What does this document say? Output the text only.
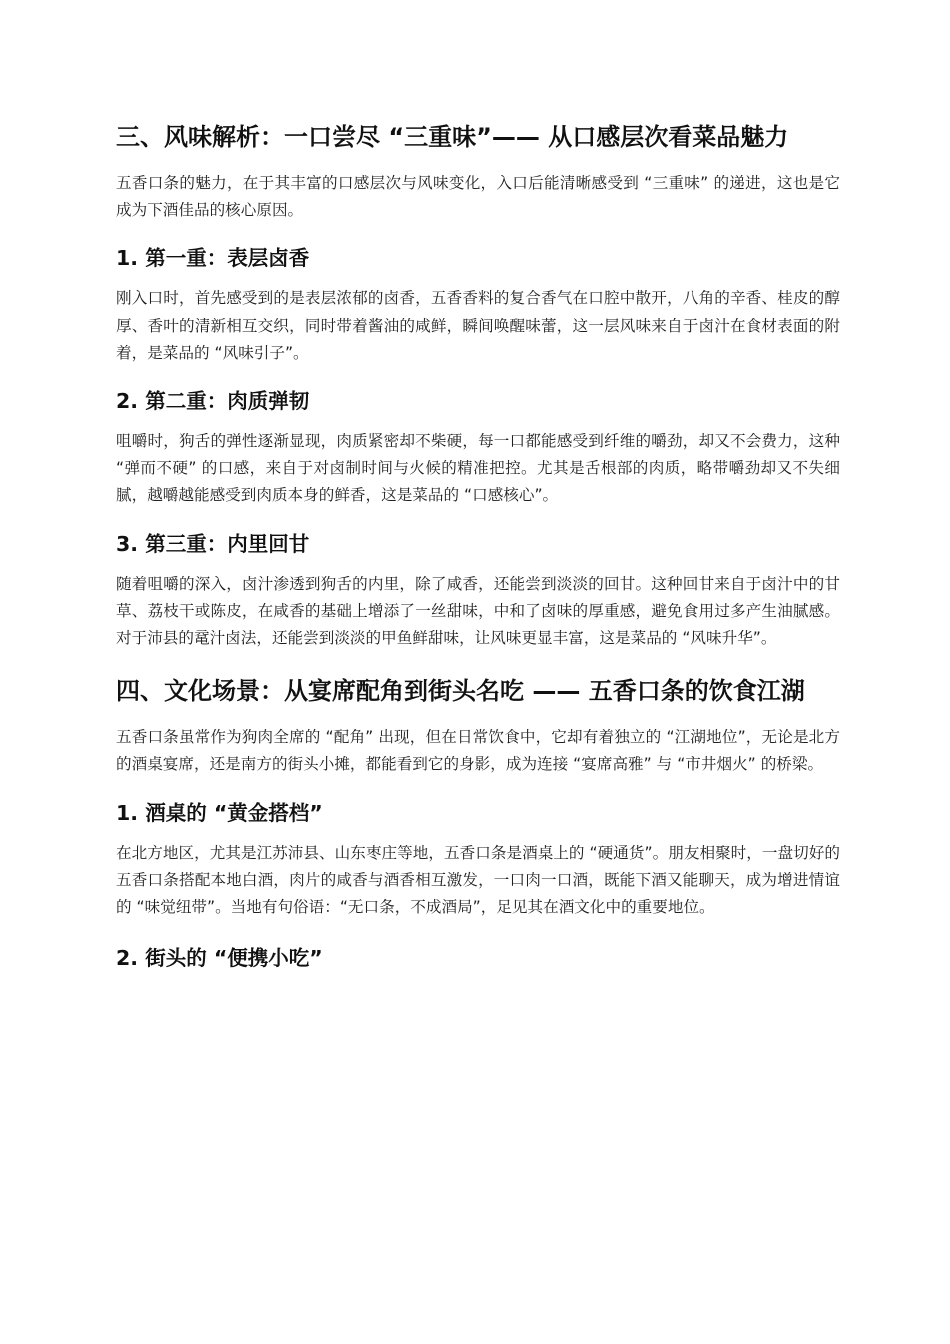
三、风味解析：一口尝尽 “三重味”—— 从口感层次看菜品魅力

五香口条的魅力，在于其丰富的口感层次与风味变化，入口后能清晰感受到 “三重味” 的递进，这也是它成为下酒佳品的核心原因。

1. 第一重：表层卤香

刚入口时，首先感受到的是表层浓郁的卤香，五香香料的复合香气在口腔中散开，八角的辛香、桂皮的醇厚、香叶的清新相互交织，同时带着酱油的咸鲜，瞬间唤醒味蕾，这一层风味来自于卤汁在食材表面的附着，是菜品的 “风味引子”。

2. 第二重：肉质弹韧

咀嚼时，狗舌的弹性逐渐显现，肉质紧密却不柴硬，每一口都能感受到纤维的嚼劲，却又不会费力，这种 “弹而不硬” 的口感，来自于对卤制时间与火候的精准把控。尤其是舌根部的肉质，略带嚼劲却又不失细腻，越嚼越能感受到肉质本身的鲜香，这是菜品的 “口感核心”。

3. 第三重：内里回甘

随着咀嚼的深入，卤汁渗透到狗舌的内里，除了咸香，还能尝到淡淡的回甘。这种回甘来自于卤汁中的甘草、荔枝干或陈皮，在咸香的基础上增添了一丝甜味，中和了卤味的厚重感，避免食用过多产生油腻感。对于沛县的鼋汁卤法，还能尝到淡淡的甲鱼鲜甜味，让风味更显丰富，这是菜品的 “风味升华”。

四、文化场景：从宴席配角到街头名吃 —— 五香口条的饮食江湖

五香口条虽常作为狗肉全席的 “配角” 出现，但在日常饮食中，它却有着独立的 “江湖地位”，无论是北方的酒桌宴席，还是南方的街头小摊，都能看到它的身影，成为连接 “宴席高雅” 与 “市井烟火” 的桥梁。

1. 酒桌的 “黄金搭档”

在北方地区，尤其是江苏沛县、山东枣庄等地，五香口条是酒桌上的 “硬通货”。朋友相聚时，一盘切好的五香口条搭配本地白酒，肉片的咸香与酒香相互激发，一口肉一口酒，既能下酒又能聊天，成为增进情谊的 “味觉纽带”。当地有句俗语：“无口条，不成酒局”，足见其在酒文化中的重要地位。

2. 街头的 “便携小吃”
